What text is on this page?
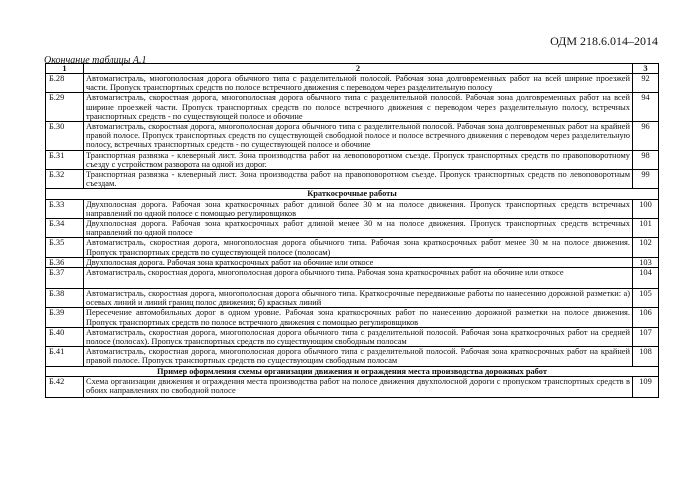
ОДМ 218.6.014–2014
Окончание таблицы А.1
1	2	3
Б.28	Автомагистраль, многополосная дорога обычного типа с разделительной полосой. Рабочая зона долговременных работ на всей ширине проезжей части. Пропуск транспортных средств по полосе встречного движения с переводом через разделительную полосу	92
Б.29	Автомагистраль, скоростная дорога, многополосная дорога обычного типа с разделительной полосой. Рабочая зона долговременных работ на всей ширине проезжей части. Пропуск транспортных средств по полосе встречного движения с переводом через разделительную полосу, встречных транспортных средств - по существующей полосе и обочине	94
Б.30	Автомагистраль, скоростная дорога, многополосная дорога обычного типа с разделительной полосой. Рабочая зона долговременных работ на крайней правой полосе. Пропуск транспортных средств по существующей свободной полосе и полосе встречного движения с переводом через разделительную полосу, встречных транспортных средств - по существующей полосе и обочине	96
Б.31	Транспортная развязка - клеверный лист. Зона производства работ на левоповоротном съезде. Пропуск транспортных средств по правоповоротному съезду с устройством разворота на одной из дорог.	98
Б.32	Транспортная развязка - клеверный лист. Зона производства работ на правоповоротном съезде. Пропуск транспортных средств по левоповоротным съездам.	99
Краткосрочные работы		
Б.33	Двухполосная дорога. Рабочая зона краткосрочных работ длиной более 30 м на полосе движения. Пропуск транспортных средств встречных направлений по одной полосе с помощью регулировщиков	100
Б.34	Двухполосная дорога. Рабочая зона краткосрочных работ длиной менее 30 м на полосе движения. Пропуск транспортных средств встречных направлений по одной полосе	101
Б.35	Автомагистраль, скоростная дорога, многополосная дорога обычного типа. Рабочая зона краткосрочных работ менее 30 м на полосе движения. Пропуск транспортных средств по существующей полосе (полосам)	102
Б.36	Двухполосная дорога. Рабочая зона краткосрочных работ на обочине или откосе	103
Б.37	Автомагистраль, скоростная дорога, многополосная дорога обычного типа. Рабочая зона краткосрочных работ на обочине или откосе	104
Б.38	Автомагистраль, скоростная дорога, многополосная дорога обычного типа. Краткосрочные передвижные работы по нанесению дорожной разметки: а) осевых линий и линий границ полос движения; б) красных линий	105
Б.39	Пересечение автомобильных дорог в одном уровне. Рабочая зона краткосрочных работ по нанесению дорожной разметки на полосе движения. Пропуск транспортных средств по полосе встречного движения с помощью регулировщиков	106
Б.40	Автомагистраль, скоростная дорога, многополосная дорога обычного типа с разделительной полосой. Рабочая зона краткосрочных работ на средней полосе (полосах). Пропуск транспортных средств по существующим свободным полосам	107
Б.41	Автомагистраль, скоростная дорога, многополосная дорога обычного типа с разделительной полосой. Рабочая зона краткосрочных работ на крайней правой полосе. Пропуск транспортных средств по существующим свободным полосам	108
Пример оформления схемы организации движения и ограждения места производства дорожных работ		
Б.42	Схема организации движения и ограждения места производства работ на полосе движения двухполосной дороги с пропуском транспортных средств в обоих направлениях по свободной полосе	109
